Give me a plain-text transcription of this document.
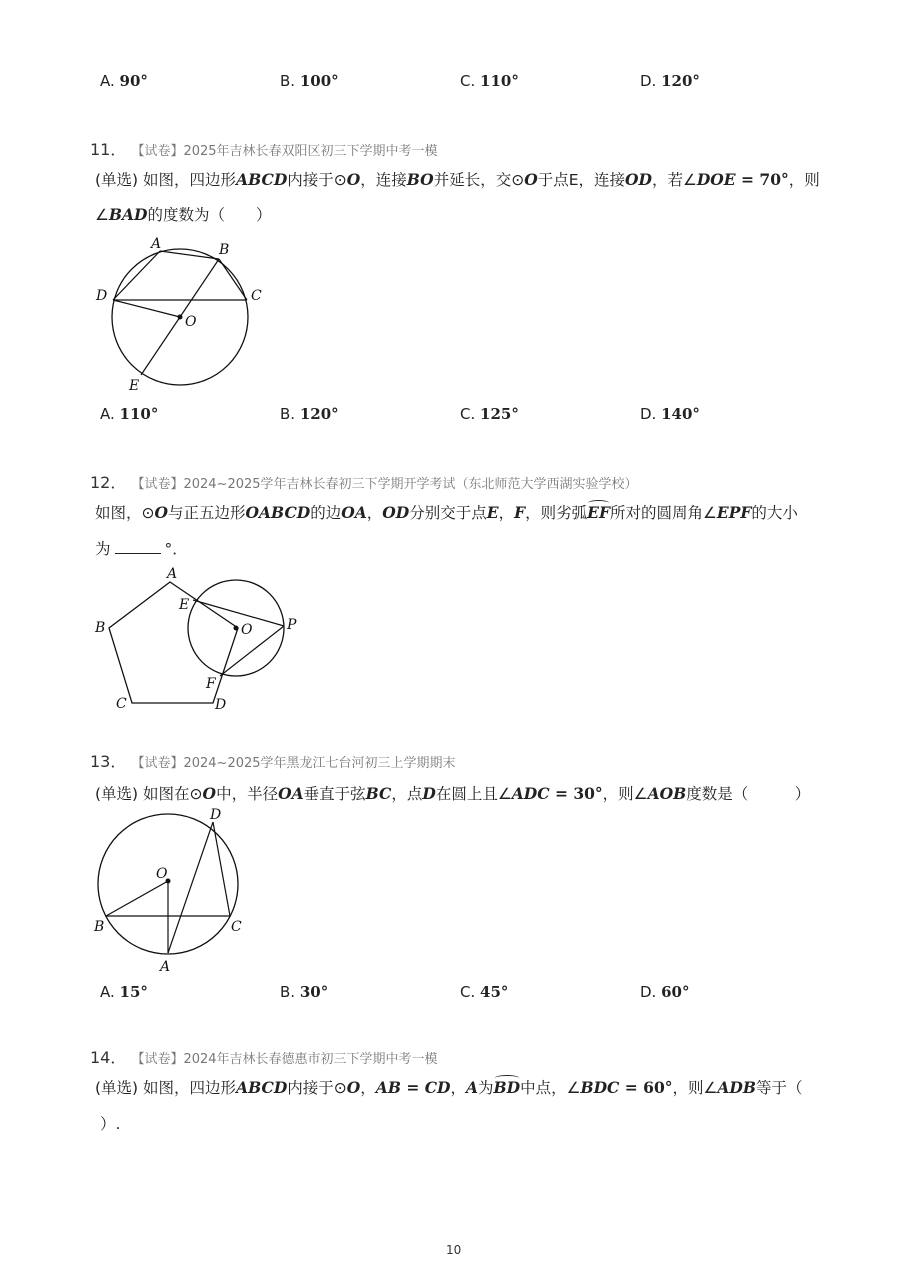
A. 90°	B. 100°	C. 110°	D. 120°
11． 【试卷】2025年吉林长春双阳区初三下学期中考一模
(单选) 如图，四边形ABCD内接于⊙O，连接BO并延长，交⊙O于点E，连接OD，若∠DOE = 70°，则
∠BAD的度数为（　　）
A	B
C
D
O
E
A. 110°	B. 120°	C. 125°	D. 140°
12． 【试卷】2024~2025学年吉林长春初三下学期开学考试（东北师范大学西湖实验学校）
如图，⊙O与正五边形OABCD的边OA，OD分别交于点E，F，则劣弧EF所对的圆周角∠EPF的大小
为	°．
A
B
C	D
E
F
O P
13． 【试卷】2024~2025学年黑龙江七台河初三上学期期末
(单选) 如图在⊙O中，半径OA垂直于弦BC，点D在圆上且∠ADC = 30°，则∠AOB度数是（　　　）
D
O
B	C
A
A. 15°	B. 30°	C. 45°	D. 60°
14． 【试卷】2024年吉林长春德惠市初三下学期中考一模
(单选) 如图，四边形ABCD内接于⊙O，AB = CD，A为BD中点，∠BDC = 60°，则∠ADB等于（
）.
10
